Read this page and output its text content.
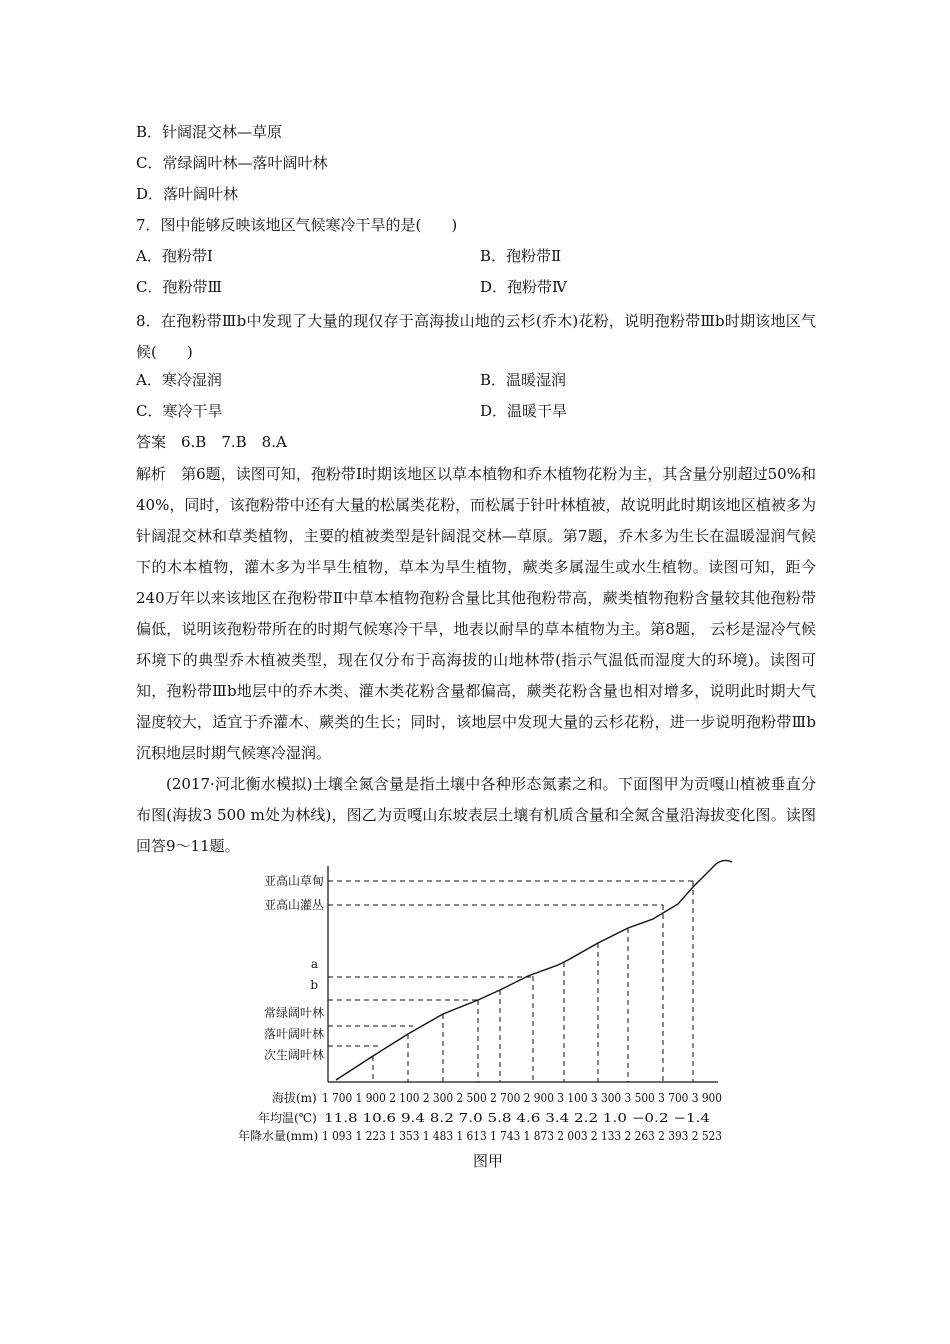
B．针阔混交林—草原
C．常绿阔叶林—落叶阔叶林
D．落叶阔叶林
7．图中能够反映该地区气候寒冷干旱的是(　　)
A．孢粉带Ⅰ	B．孢粉带Ⅱ
C．孢粉带Ⅲ	D．孢粉带Ⅳ
8．在孢粉带Ⅲb中发现了大量的现仅存于高海拔山地的云杉(乔木)花粉，说明孢粉带Ⅲb时期该地区气候(　　)
A．寒冷湿润	B．温暖湿润
C．寒冷干旱	D．温暖干旱
答案　6.B　7.B　8.A
解析　第6题，读图可知，孢粉带Ⅰ时期该地区以草本植物和乔木植物花粉为主，其含量分别超过50%和40%，同时，该孢粉带中还有大量的松属类花粉，而松属于针叶林植被，故说明此时期该地区植被多为针阔混交林和草类植物，主要的植被类型是针阔混交林—草原。第7题，乔木多为生长在温暖湿润气候下的木本植物，灌木多为半旱生植物，草本为旱生植物，蕨类多属湿生或水生植物。读图可知，距今240万年以来该地区在孢粉带Ⅱ中草本植物孢粉含量比其他孢粉带高，蕨类植物孢粉含量较其他孢粉带偏低，说明该孢粉带所在的时期气候寒冷干旱，地表以耐旱的草本植物为主。第8题， 云杉是湿冷气候环境下的典型乔木植被类型，现在仅分布于高海拔的山地林带(指示气温低而湿度大的环境)。读图可知，孢粉带Ⅲb地层中的乔木类、灌木类花粉含量都偏高，蕨类花粉含量也相对增多，说明此时期大气湿度较大，适宜于乔灌木、蕨类的生长；同时，该地层中发现大量的云杉花粉，进一步说明孢粉带Ⅲb沉积地层时期气候寒冷湿润。
(2017·河北衡水模拟)土壤全氮含量是指土壤中各种形态氮素之和。下面图甲为贡嘎山植被垂直分布图(海拔3 500 m处为林线)，图乙为贡嘎山东坡表层土壤有机质含量和全氮含量沿海拔变化图。读图回答9～11题。
亚高山草甸
亚高山灌丛
a
b
常绿阔叶林
落叶阔叶林
次生阔叶林
海拔(m) 1 700 1 900 2 100 2 300 2 500 2 700 2 900 3 100 3 300 3 500 3 700 3 900
年均温(℃) 11.8 10.6 9.4 8.2 7.0 5.8 4.6 3.4 2.2 1.0 −0.2 −1.4
年降水量(mm) 1 093 1 223 1 353 1 483 1 613 1 743 1 873 2 003 2 133 2 263 2 393 2 523
图甲
